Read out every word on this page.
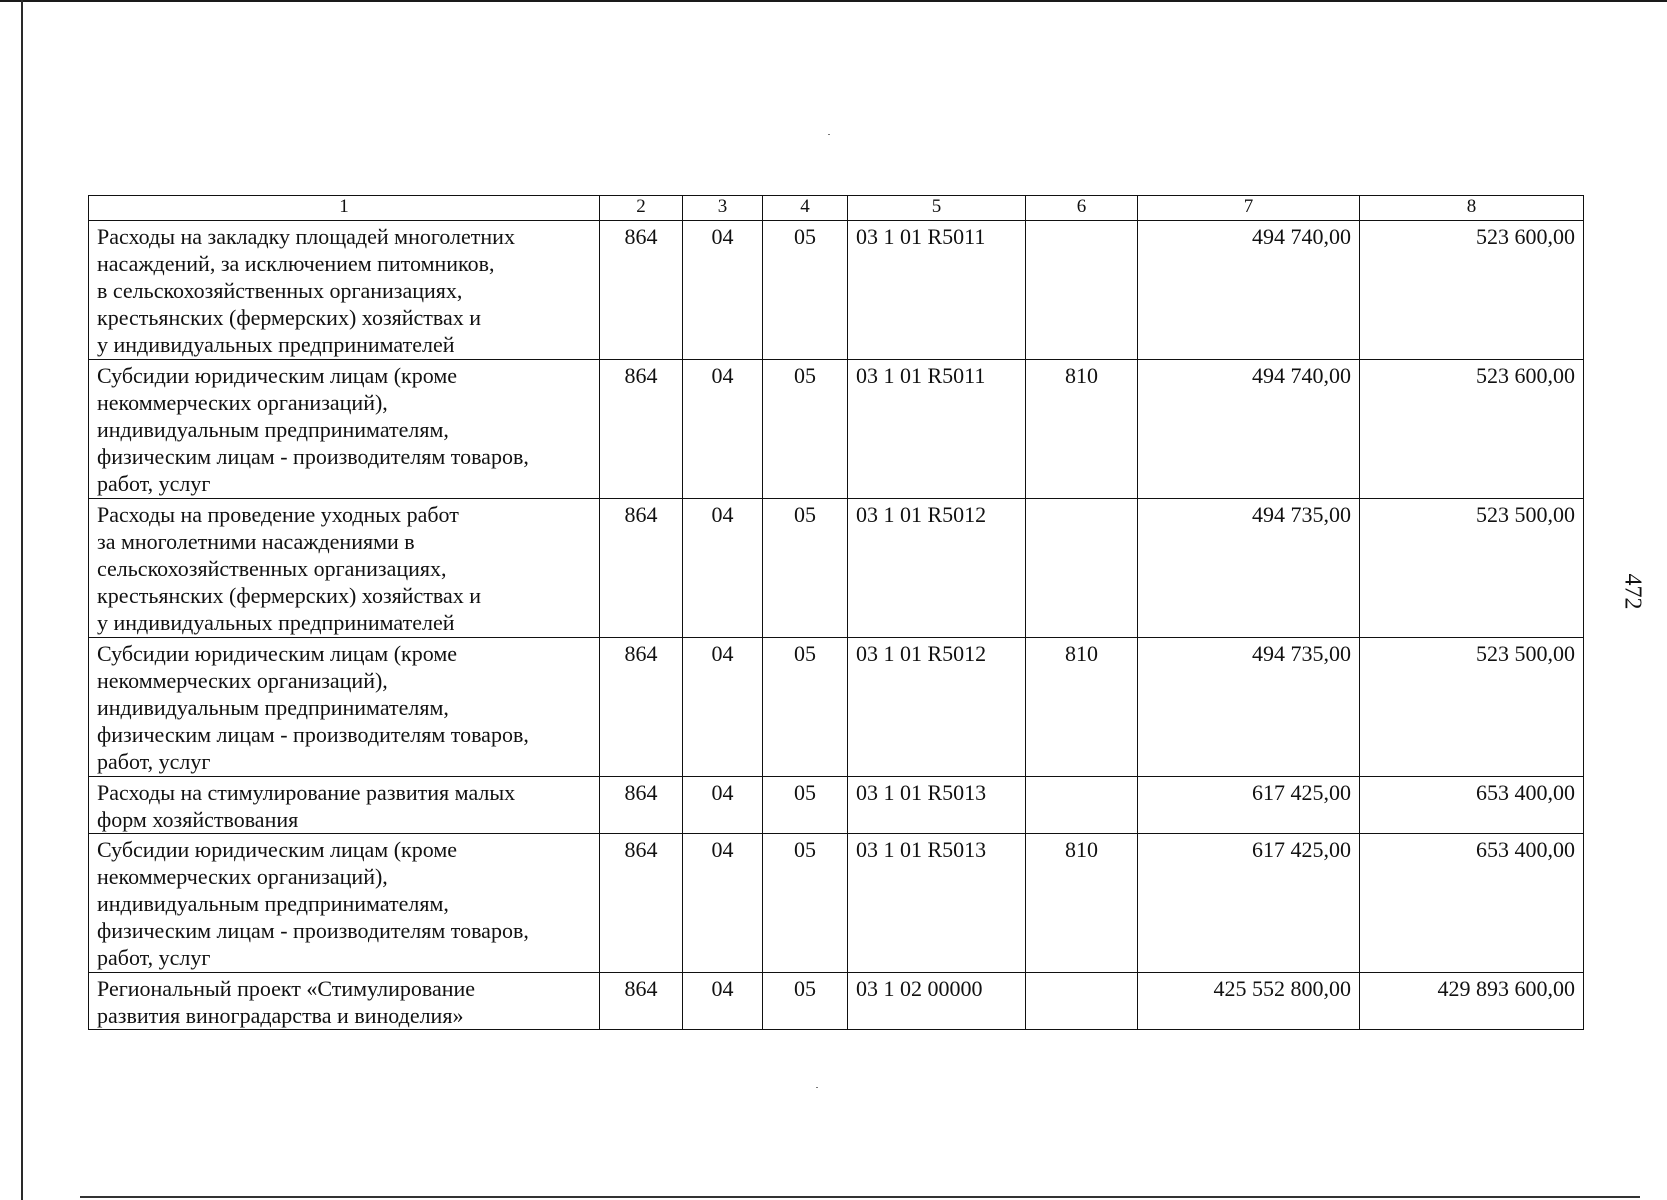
1	2	3	4	5	6	7	8

Расходы на закладку площадей многолетних
насаждений, за исключением питомников,
в сельскохозяйственных организациях,
крестьянских (фермерских) хозяйствах и
у индивидуальных предпринимателей	864	04	05	03 1 01 R5011		494 740,00	523 600,00

Субсидии юридическим лицам (кроме
некоммерческих организаций),
индивидуальным предпринимателям,
физическим лицам - производителям товаров,
работ, услуг	864	04	05	03 1 01 R5011	810	494 740,00	523 600,00

Расходы на проведение уходных работ
за многолетними насаждениями в
сельскохозяйственных организациях,
крестьянских (фермерских) хозяйствах и
у индивидуальных предпринимателей	864	04	05	03 1 01 R5012		494 735,00	523 500,00

Субсидии юридическим лицам (кроме
некоммерческих организаций),
индивидуальным предпринимателям,
физическим лицам - производителям товаров,
работ, услуг	864	04	05	03 1 01 R5012	810	494 735,00	523 500,00

Расходы на стимулирование развития малых
форм хозяйствования	864	04	05	03 1 01 R5013		617 425,00	653 400,00

Субсидии юридическим лицам (кроме
некоммерческих организаций),
индивидуальным предпринимателям,
физическим лицам - производителям товаров,
работ, услуг	864	04	05	03 1 01 R5013	810	617 425,00	653 400,00

Региональный проект «Стимулирование
развития виноградарства и виноделия»	864	04	05	03 1 02 00000		425 552 800,00	429 893 600,00
472
